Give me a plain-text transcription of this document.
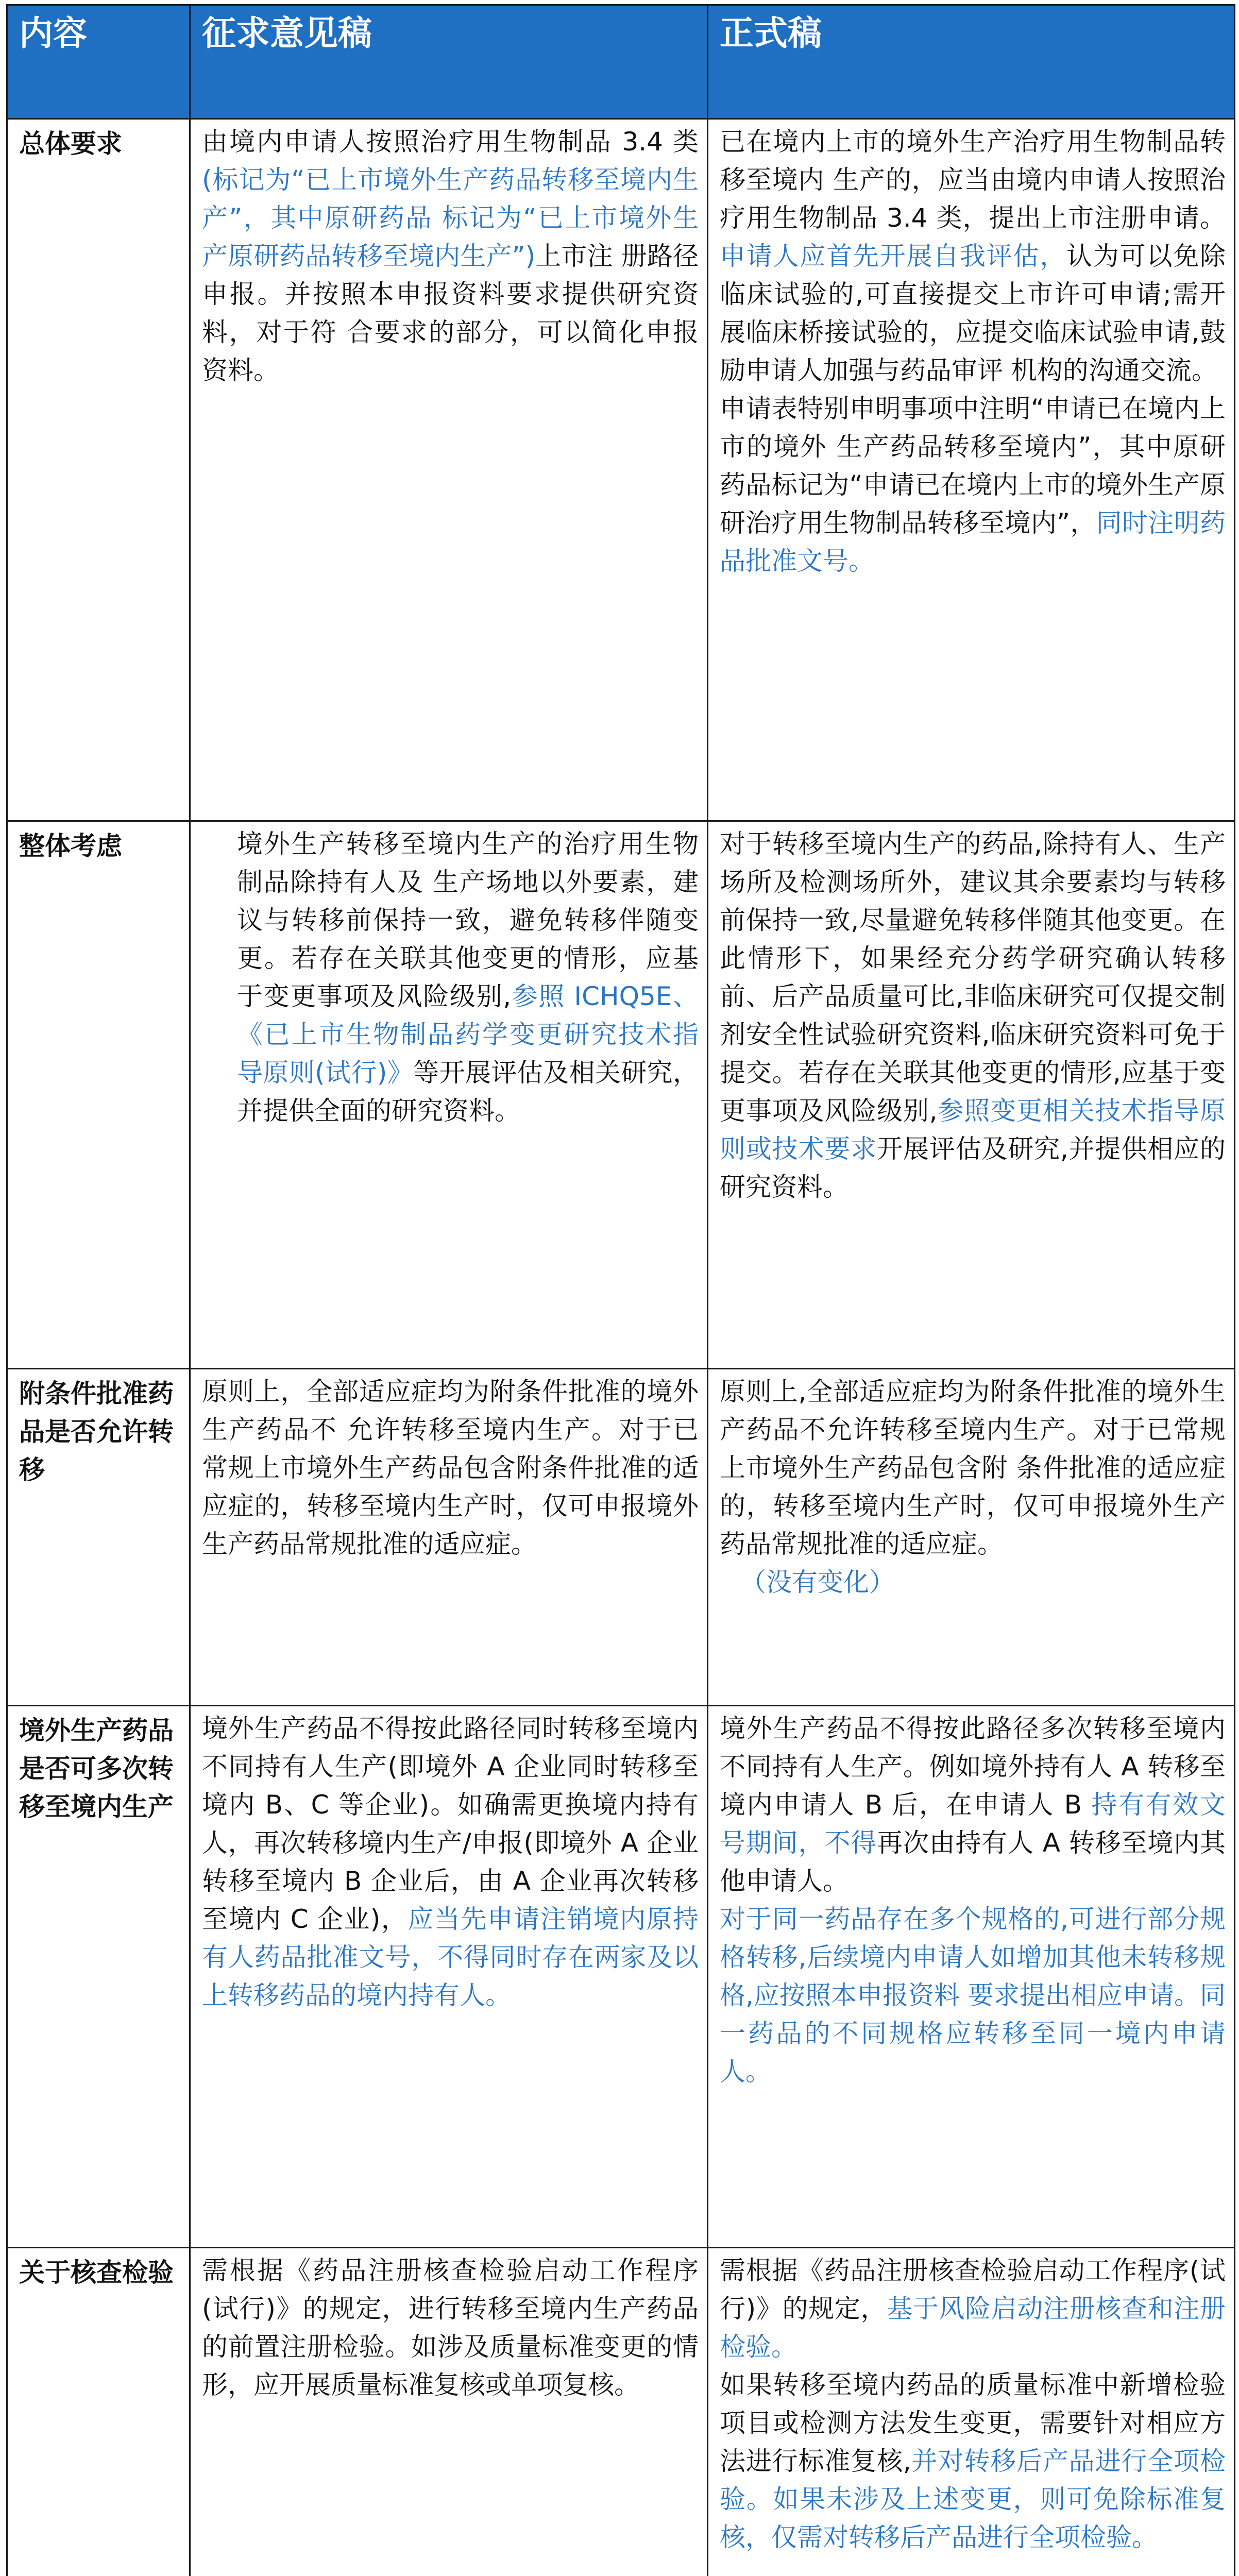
内容	征求意见稿	正式稿
总体要求	由境内申请人按照治疗用生物制品 3.4 类(标记为“已上市境外生产药品转移至境内生产”，其中原研药品 标记为“已上市境外生产原研药品转移至境内生产”)上市注 册路径申报。并按照本申报资料要求提供研究资料，对于符 合要求的部分，可以简化申报资料。	已在境内上市的境外生产治疗用生物制品转移至境内 生产的，应当由境内申请人按照治疗用生物制品 3.4 类，提出上市注册申请。申请人应首先开展自我评估，认为可以免除临床试验的,可直接提交上市许可申请;需开展临床桥接试验的，应提交临床试验申请,鼓励申请人加强与药品审评 机构的沟通交流。
申请表特别申明事项中注明“申请已在境内上市的境外 生产药品转移至境内”，其中原研药品标记为“申请已在境内上市的境外生产原研治疗用生物制品转移至境内”，同时注明药品批准文号。

整体考虑	境外生产转移至境内生产的治疗用生物制品除持有人及 生产场地以外要素，建议与转移前保持一致，避免转移伴随变更。若存在关联其他变更的情形，应基于变更事项及风险级别,参照 ICHQ5E、《已上市生物制品药学变更研究技术指导原则(试行)》等开展评估及相关研究，并提供全面的研究资料。	对于转移至境内生产的药品,除持有人、生产场所及检测场所外，建议其余要素均与转移前保持一致,尽量避免转移伴随其他变更。在此情形下，如果经充分药学研究确认转移前、后产品质量可比,非临床研究可仅提交制剂安全性试验研究资料,临床研究资料可免于提交。若存在关联其他变更的情形,应基于变更事项及风险级别,参照变更相关技术指导原则或技术要求开展评估及研究,并提供相应的研究资料。
附条件批准药品是否允许转移	原则上，全部适应症均为附条件批准的境外生产药品不 允许转移至境内生产。对于已常规上市境外生产药品包含附条件批准的适应症的，转移至境内生产时，仅可申报境外生产药品常规批准的适应症。	原则上,全部适应症均为附条件批准的境外生产药品不允许转移至境内生产。对于已常规上市境外生产药品包含附 条件批准的适应症的，转移至境内生产时，仅可申报境外生产药品常规批准的适应症。
（没有变化）

境外生产药品是否可多次转移至境内生产	境外生产药品不得按此路径同时转移至境内不同持有人生产(即境外 A 企业同时转移至境内 B、C 等企业)。如确需更换境内持有人，再次转移境内生产/申报(即境外 A 企业转移至境内 B 企业后，由 A 企业再次转移至境内 C 企业)，应当先申请注销境内原持有人药品批准文号，不得同时存在两家及以上转移药品的境内持有人。	境外生产药品不得按此路径多次转移至境内不同持有人生产。例如境外持有人 A 转移至境内申请人 B 后，在申请人 B 持有有效文号期间，不得再次由持有人 A 转移至境内其 他申请人。
对于同一药品存在多个规格的,可进行部分规格转移,后续境内申请人如增加其他未转移规格,应按照本申报资料 要求提出相应申请。同一药品的不同规格应转移至同一境内申请人。

关于核查检验	需根据《药品注册核查检验启动工作程序(试行)》的规定，进行转移至境内生产药品的前置注册检验。如涉及质量标准变更的情形，应开展质量标准复核或单项复核。	需根据《药品注册核查检验启动工作程序(试行)》的规定，基于风险启动注册核查和注册检验。
如果转移至境内药品的质量标准中新增检验项目或检测方法发生变更，需要针对相应方法进行标准复核,并对转移后产品进行全项检验。如果未涉及上述变更，则可免除标准复核，仅需对转移后产品进行全项检验。
